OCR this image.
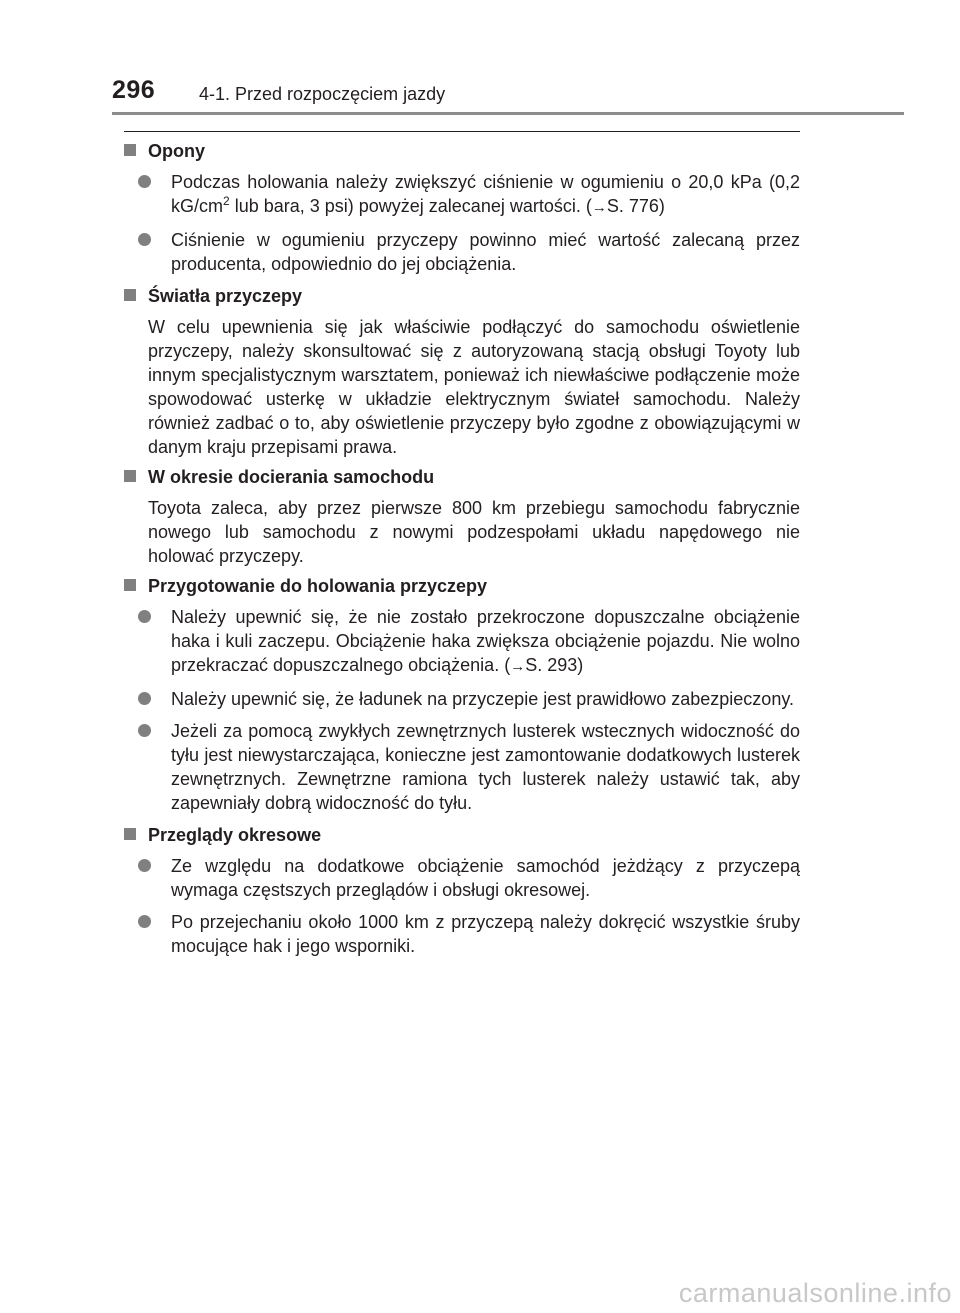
296 4-1. Przed rozpoczęciem jazdy
Opony
Podczas holowania należy zwiększyć ciśnienie w ogumieniu o 20,0 kPa (0,2 $kG/cm^2$ lub bara, 3 psi) powyżej zalecanej wartości. (→S. 776)
Ciśnienie w ogumieniu przyczepy powinno mieć wartość zalecaną przez producenta, odpowiednio do jej obciążenia.
Światła przyczepy
W celu upewnienia się jak właściwie podłączyć do samochodu oświetlenie przyczepy, należy skonsultować się z autoryzowaną stacją obsługi Toyoty lub innym specjalistycznym warsztatem, ponieważ ich niewłaściwe podłączenie może spowodować usterkę w układzie elektrycznym świateł samochodu. Należy również zadbać o to, aby oświetlenie przyczepy było zgodne z obowiązującymi w danym kraju przepisami prawa.
W okresie docierania samochodu
Toyota zaleca, aby przez pierwsze 800 km przebiegu samochodu fabrycznie nowego lub samochodu z nowymi podzespołami układu napędowego nie holować przyczepy.
Przygotowanie do holowania przyczepy
Należy upewnić się, że nie zostało przekroczone dopuszczalne obciążenie haka i kuli zaczepu. Obciążenie haka zwiększa obciążenie pojazdu. Nie wolno przekraczać dopuszczalnego obciążenia. (→S. 293)
Należy upewnić się, że ładunek na przyczepie jest prawidłowo zabezpieczony.
Jeżeli za pomocą zwykłych zewnętrznych lusterek wstecznych widoczność do tyłu jest niewystarczająca, konieczne jest zamontowanie dodatkowych lusterek zewnętrznych. Zewnętrzne ramiona tych lusterek należy ustawić tak, aby zapewniały dobrą widoczność do tyłu.
Przeglądy okresowe
Ze względu na dodatkowe obciążenie samochód jeżdżący z przyczepą wymaga częstszych przeglądów i obsługi okresowej.
Po przejechaniu około 1000 km z przyczepą należy dokręcić wszystkie śruby mocujące hak i jego wsporniki.
carmanualsonline.info
